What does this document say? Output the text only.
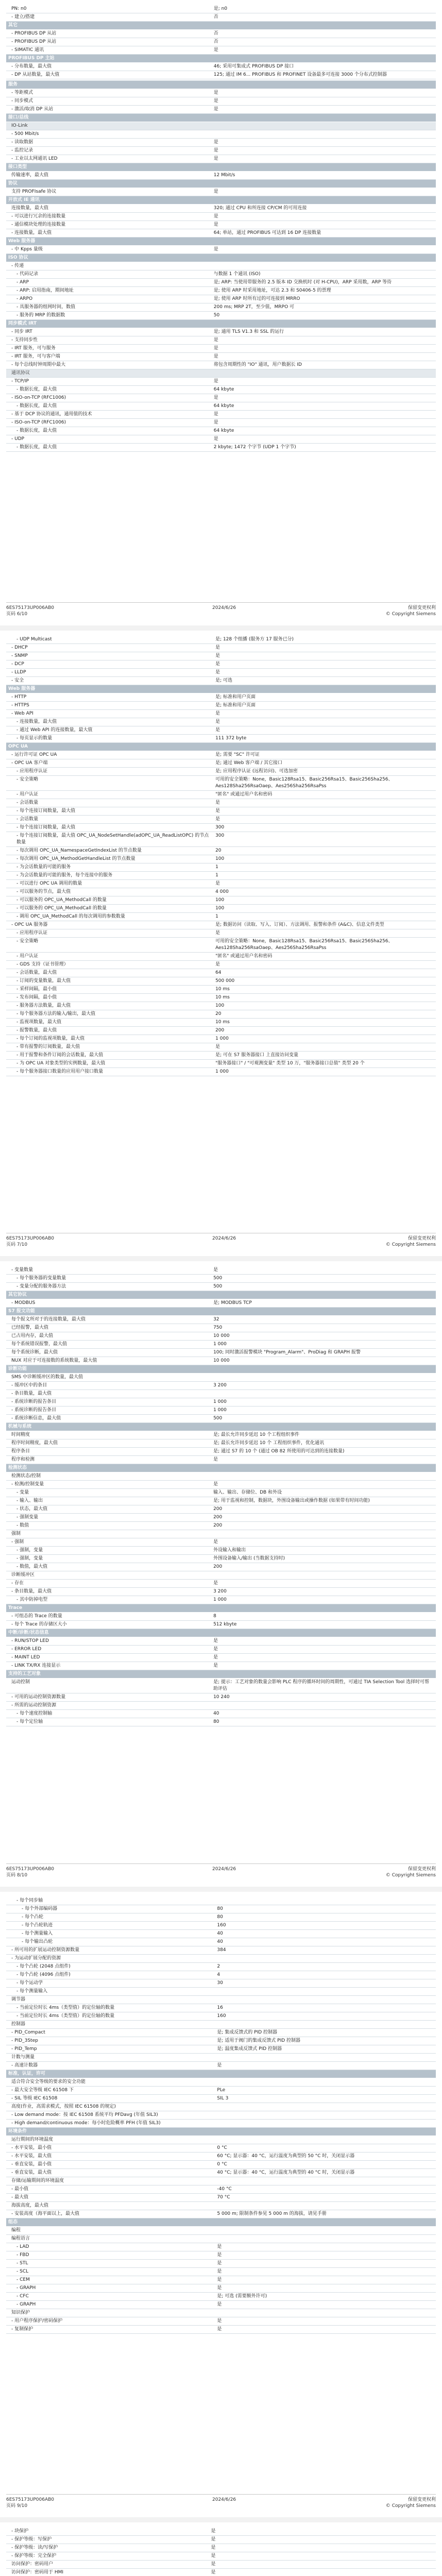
PN: n0	是; n0
- 建立/搭建	否
其它	
- PROFIBUS DP 从站	否
- PROFIBUS DP 从站	否
- SIMATIC 通讯	是
PROFIBUS DP 主站	
- 分布数量，最大值	46; 采用可集成式 PROFIBUS DP 接口
- DP 从站数量，最大值	125; 通过 IM 6... PROFIBUS 和 PROFINET 设备最多可连接 3000 个分布式控制器

服务	
- 等距模式	是
- 同步模式	是
- 激活/取消 DP 从站	是
接口/总线	
IO-Link	
- 500 Mbit/s	
- 读取数据	是
- 监控记录	是
- 工业以太网通讯 LED	是
接口类型	
传输速率，最大值	12 Mbit/s
协议	
支持 PROFIsafe 协议	是
开放式 IE 通讯	
连接数量，最大值	320; 通过 CPU 和所连接 CP/CM 的可用连接
- 可以进行冗余的连接数量	是
- 通信模块处理的连接数量	是
- 连接数量，最大值	64; 单站，通过 PROFIBUS 可达到 16 DP 连接数量
Web 服务器	
- 中 Kpps 量级	是
ISO 协议	
- 传递	
- 代码记录	与数据 1 个通讯 (ISO)
- ARP	是; ARP: 当使用带服务的 2.5 版本 ID 交换机时 (对 H-CPU)，ARP 采用数，ARP 等待
- ARP: 启用指南，期间地址	是; 使用 ARP 时采用地址，可达 2.3 和 S0406-5 的票理
- ARPO	是; 使用 ARP 时所有过的可连接到 MRRO
- 具服务器的组网时间，数值	200 ms; MRP 2T，至少值，MRPO 可
- 服务的 MRP 的数据数	50
同步模式 IRT	
- 同步 IRT	是; 通用 TLS V1.3 和 SSL 的运行
- 支持同步性	是
- IRT 服务，可与服务	是
- IRT 服务，可与客户端	是
- 每个总线时钟周期中最大	将包含周期性的 "IO" 通讯，用户数据长 ID
通讯协议	
- TCP/IP	是
- 数据长度，最大值	64 kbyte
- ISO-on-TCP (RFC1006)	是
- 数据长度，最大值	64 kbyte
- 基于 DCP 协议的通讯，通用值的技术	是
- ISO-on-TCP (RFC1006)	是
- 数据长度，最大值	64 kbyte
- UDP	是
- 数据长度，最大值	2 kbyte; 1472 个字节 (UDP 1 个字节)
6ES75173UP006AB0
页码 6/10
2024/6/26	保留变更权利
© Copyright Siemens
- UDP Multicast	是; 128 个组播 (服务方 17 服务已分)
- DHCP	是
- SNMP	是
- DCP	是
- LLDP	是
- 安全	是; 可选
Web 服务器	
- HTTP	是; 标准和用户页面
- HTTPS	是; 标准和用户页面
- Web API	是
- 连接数量，最大值	是
- 通过 Web API 的连接数量，最大值	是
- 每页显示的数量	111 372 byte
OPC UA	
- 运行许可证 OPC UA	是; 需要 "SC" 许可证
- OPC UA 客户端	是; 通过 Web 客户端 / 其它接口
- 应用程序认证	是; 应用程序认证 (远程访问)、可选加密
- 安全策略	可用的安全策略：None，Basic128Rsa15、Basic256Rsa15、Basic256Sha256、Aes128Sha256RsaOaep、Aes256Sha256RsaPss
- 用户认证	"匿名" 或通过用户名和密码
- 会话数量	是
- 每个连接订阅数量，最大值	是
- 会话数量	是
- 每个连接订阅数量，最大值	300
- 每个连接订阅数量，最大值 OPC_UA_NodeSetHandle(adOPC_UA_ReadListOPC) 的节点数量	300
- 每次调用 OPC_UA_NamespaceGetIndexList 的节点数量	20
- 每次调用 OPC_UA_MethodGetHandleList 的节点数量	100
- 为会话数量的可能的服务	1
- 为会话数量的可能的服务，每个连接中的服务	1
- 可以进行 OPC UA 调用的数量	是
- 可以服务的节点，最大值	4 000
- 可以服务的 OPC_UA_MethodCall 的数量	100
- 可以服务的 OPC_UA_MethodCall 的数量	100
- 调用 OPC_UA_MethodCall 的每次调用的参数数量	1
- OPC UA 服务器	是; 数据访问（读取、写入、订阅）、方法调用、报警和条件 (A&C)、信息文件类型
- 应用程序认证	是
- 安全策略	可用的安全策略：None，Basic128Rsa15、Basic256Rsa15、Basic256Sha256、Aes128Sha256RsaOaep、Aes256Sha256RsaPss
- 用户认证	"匿名" 或通过用户名和密码
- GDS 支持（证书管理）	是
- 会话数量，最大值	64
- 订阅的变量数量，最大值	500 000
- 采样间隔，最小值	10 ms
- 发布间隔，最小值	10 ms
- 服务器方法数量，最大值	100
- 每个服务器方法的输入/输出，最大值	20
- 监视项数量，最大值	10 ms
- 报警数量，最大值	200
- 每个订阅的监视项数量，最大值	1 000
- 带有报警的订阅数量，最大值	是
- 用于报警和条件订阅的会话数量，最大值	是; 可在 S7 服务器接口 上直接访问变量
- 为 OPC UA 对象类型的实例数量，最大值	"服务器接口" / "可观测变量" 类型 10 万，"服务器接口总值" 类型 20 个
- 每个服务器接口数量的应用用户接口数量	1 000
6ES75173UP006AB0
页码 7/10
2024/6/26	保留变更权利
© Copyright Siemens
- 变量数量	是
- 每个服务器的变量数量	500
- 变量分配的服务器方法	500
其它协议	
- MODBUS	是; MODBUS TCP
S7 报文功能	
每个报文所对于的连接数量，最大值	32
已经报警，最大值	750
已占用内存，最大值	10 000
每个系统错误报警，最大值	1 000
每个系统诊断，最大值	100; 同时激活报警模块 "Program_Alarm"、ProDiag 和 GRAPH 报警
NUX 对应于可连接数的系统数量，最大值	10 000
诊断功能	
SMS 中诊断缓冲区的数量，最大值	
- 缓冲区中的条目	3 200
- 条目数量，最大值	
- 系统诊断的报告条目	1 000
- 系统诊断的报告条目	1 000
- 系统诊断信息，最大值	500
机械与系统	
时间精度	是; 最长允许同步延迟 10 个工程组织事件
程序时间精度，最大值	是; 最长允许同步延迟 10 个 工程组织事件，优化通讯
程序条目	是; 通过 S7 的 10 个 (通过 OB 82 所使用的可达到的连接数量)
程序和检测	是
检测状态	
检测状态/控制	
- 检测/控制变量	是
- 变量	输入、输出、存储位、DB 和外设
- 输入、输出	是; 用于监视和控制，数据块，外围设备输出或操作数据 (如果带有时间功能)
- 状态，最大值	200
- 强制变量	200
- 数值	200
强制	
- 强制	是
- 强制，变量	外设输入和输出
- 强制，变量	外围设备输入/输出 (当数据支持时)
- 数值，最大值	200
诊断缓冲区	
- 存在	是
- 条目数量，最大值	3 200
- 其中防掉电型	1 000
Trace	
- 可组态的 Trace 的数量	8
- 每个 Trace 的存储区大小	512 kbyte
中断/诊断/状态信息	
- RUN/STOP LED	是
- ERROR LED	是
- MAINT LED	是
- LINK TX/RX 连接显示	是
支持的工艺对象	
运动控制	是; 提示：工艺对象的数量会影响 PLC 程序的循环时间的周期性，可通过 TIA Selection Tool 选择时可帮助评估
- 可用的运动控制资源数量	10 240
- 所需的运动控制资源	
- 每个速度控制轴	40
- 每个定位轴	80
6ES75173UP006AB0
页码 8/10
2024/6/26	保留变更权利
© Copyright Siemens
- 每个同步轴	
- 每个外部编码器	80
- 每个凸轮	80
- 每个凸轮轨迹	160
- 每个测量输入	40
- 每个输出凸轮	40
- 所可用的扩展运动控制资源数量	384
- 为运动扩展分配的资源	
- 每个凸轮 (2048 点组件)	2
- 每个凸轮 (4096 点组件)	4
- 每个运动学	30
- 每个测量输入	
调节器	
- 当前定位时长 4ms（类型值）的定位轴的数量	16
- 当前定位时长 4ms（类型值）的定位轴的数量	160
控制器	
- PID_Compact	是; 集成反馈式的 PID 控制器
- PID_3Step	是; 适用于阀门的集成反馈式 PID 控制器
- PID_Temp	是; 温度集成反馈式 PID 控制器
计数与测量	
- 高速计数器	是
标准，认证，许可	
适合符合安全等级的要求的安全功能	
- 最大安全等级 IEC 61508 下	PLe
- SIL 等级 IEC 61508	SIL 3
高度(作业，高需求模式，按照 IEC 61508 的规定)	
- Low demand mode：按 IEC 61508 系统平均 PFDavg (年值 SIL3)	
- High demand/continuous mode：每小时危险概率 PFH (年值 SIL3)	
环境条件	
运行期间的环境温度	
- 水平安装，最小值	0 °C
- 水平安装，最大值	60 °C; 显示器：40 °C，运行温度为典型的 50 °C 时，关闭显示器
- 垂直安装，最小值	0 °C
- 垂直安装，最大值	40 °C; 显示器：40 °C，运行温度为典型的 40 °C 时，关闭显示器
存储/运输期间的环境温度	
- 最小值	-40 °C
- 最大值	70 °C
海拔高度，最大值	
- 安装高度（海平面以上，最大值	5 000 m; 限制条件参见 5 000 m 的海拔，请见手册
组态	
编程	
编程语言	
- LAD	是
- FBD	是
- STL	是
- SCL	是
- CEM	是
- GRAPH	是
- CFC	是; 可选 (需要额外许可)
- GRAPH	是
知识保护	
- 用户程序保护/密码保护	是
- 复制保护	是
6ES75173UP006AB0
页码 9/10
2024/6/26	保留变更权利
© Copyright Siemens
- 块保护	是
- 保护等级：写保护	是
- 保护等级：读/写保护	是
- 保护等级：完全保护	是
访问保护：密码用户	是
访问保护：密码用于 HMI	是
